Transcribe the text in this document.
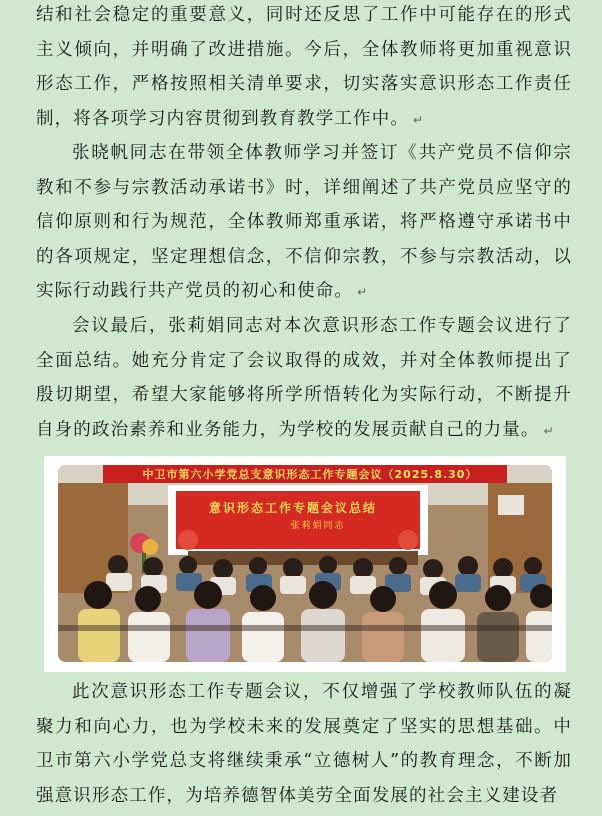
结和社会稳定的重要意义，同时还反思了工作中可能存在的形式主义倾向，并明确了改进措施。今后，全体教师将更加重视意识形态工作，严格按照相关清单要求，切实落实意识形态工作责任制，将各项学习内容贯彻到教育教学工作中。 ↵

张晓帆同志在带领全体教师学习并签订《共产党员不信仰宗教和不参与宗教活动承诺书》时，详细阐述了共产党员应坚守的信仰原则和行为规范，全体教师郑重承诺，将严格遵守承诺书中的各项规定，坚定理想信念，不信仰宗教，不参与宗教活动，以实际行动践行共产党员的初心和使命。 ↵

会议最后，张莉娟同志对本次意识形态工作专题会议进行了全面总结。她充分肯定了会议取得的成效，并对全体教师提出了殷切期望，希望大家能够将所学所悟转化为实际行动，不断提升自身的政治素养和业务能力，为学校的发展贡献自己的力量。 ↵

中卫市第六小学党总支意识形态工作专题会议（2025.8.30）
意识形态工作专题会议总结
张莉娟同志

此次意识形态工作专题会议，不仅增强了学校教师队伍的凝聚力和向心力，也为学校未来的发展奠定了坚实的思想基础。中卫市第六小学党总支将继续秉承“立德树人”的教育理念，不断加强意识形态工作，为培养德智体美劳全面发展的社会主义建设者
